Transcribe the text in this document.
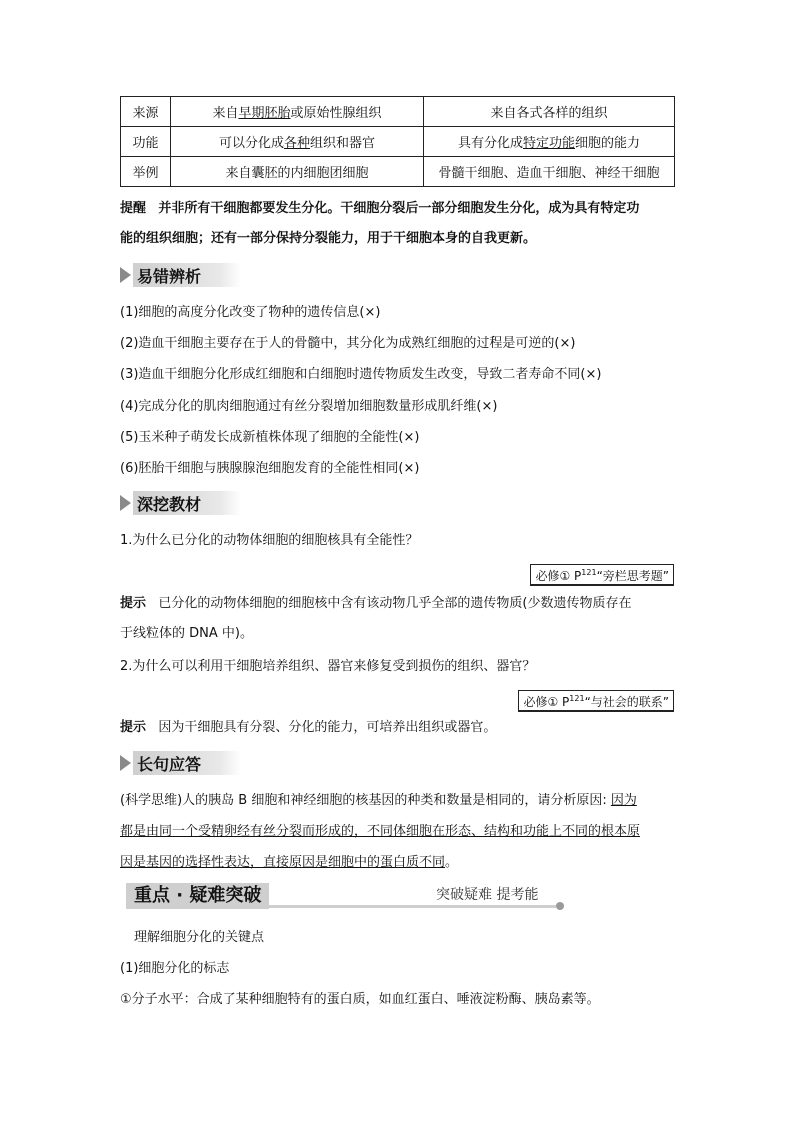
来源	来自早期胚胎或原始性腺组织	来自各式各样的组织
功能	可以分化成各种组织和器官	具有分化成特定功能细胞的能力
举例	来自囊胚的内细胞团细胞	骨髓干细胞、造血干细胞、神经干细胞
提醒 并非所有干细胞都要发生分化。干细胞分裂后一部分细胞发生分化，成为具有特定功
能的组织细胞；还有一部分保持分裂能力，用于干细胞本身的自我更新。
易错辨析
(1)细胞的高度分化改变了物种的遗传信息(×)
(2)造血干细胞主要存在于人的骨髓中，其分化为成熟红细胞的过程是可逆的(×)
(3)造血干细胞分化形成红细胞和白细胞时遗传物质发生改变，导致二者寿命不同(×)
(4)完成分化的肌肉细胞通过有丝分裂增加细胞数量形成肌纤维(×)
(5)玉米种子萌发长成新植株体现了细胞的全能性(×)
(6)胚胎干细胞与胰腺腺泡细胞发育的全能性相同(×)
深挖教材
1.为什么已分化的动物体细胞的细胞核具有全能性？
必修① $P^{121}“$旁栏思考题”
提示 已分化的动物体细胞的细胞核中含有该动物几乎全部的遗传物质(少数遗传物质存在
于线粒体的 DNA 中)。
2.为什么可以利用干细胞培养组织、器官来修复受到损伤的组织、器官？
必修① $P^{121}“$与社会的联系”
提示 因为干细胞具有分裂、分化的能力，可培养出组织或器官。
长句应答
(科学思维)人的胰岛 B 细胞和神经细胞的核基因的种类和数量是相同的，请分析原因: 因为
都是由同一个受精卵经有丝分裂而形成的，不同体细胞在形态、结构和功能上不同的根本原
因是基因的选择性表达，直接原因是细胞中的蛋白质不同。
重点 · 疑难突破	突破疑难 提考能
理解细胞分化的关键点
(1)细胞分化的标志
①分子水平：合成了某种细胞特有的蛋白质，如血红蛋白、唾液淀粉酶、胰岛素等。
